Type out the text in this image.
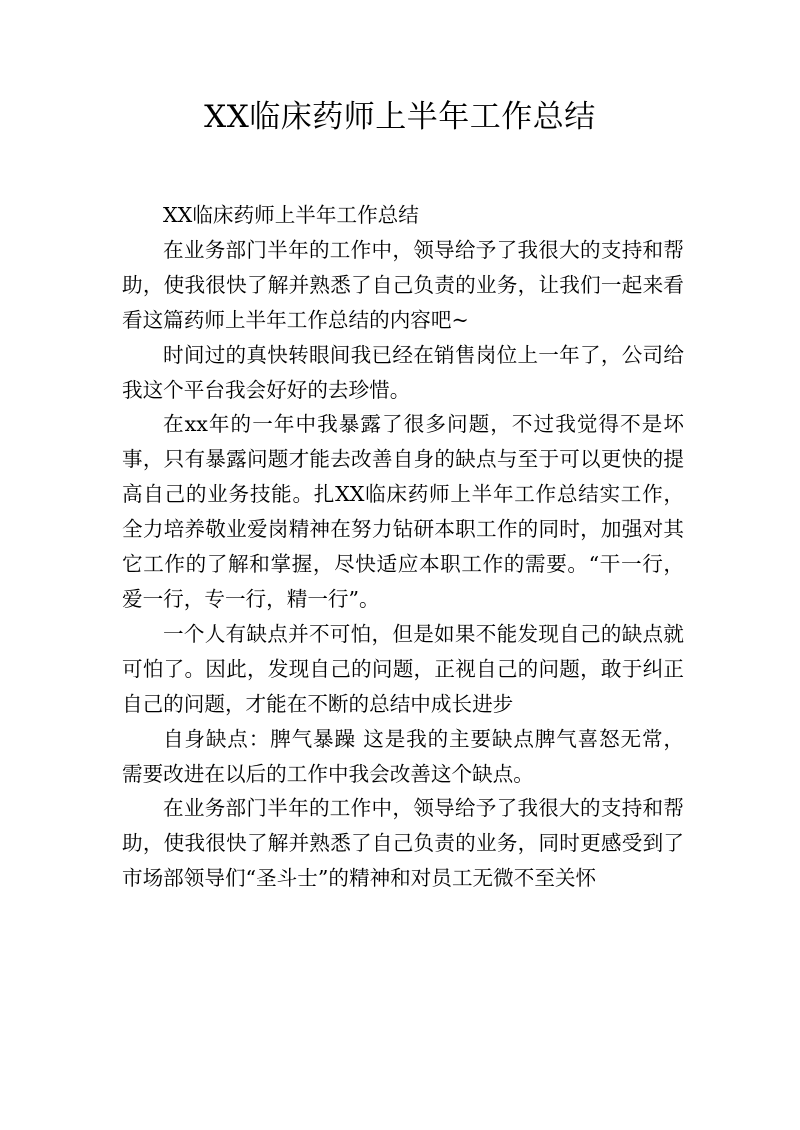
XX临床药师上半年工作总结

XX临床药师上半年工作总结

在业务部门半年的工作中，领导给予了我很大的支持和帮助，使我很快了解并熟悉了自己负责的业务，让我们一起来看看这篇药师上半年工作总结的内容吧~

时间过的真快转眼间我已经在销售岗位上一年了，公司给我这个平台我会好好的去珍惜。

在xx年的一年中我暴露了很多问题，不过我觉得不是坏事，只有暴露问题才能去改善自身的缺点与至于可以更快的提高自己的业务技能。扎XX临床药师上半年工作总结实工作，全力培养敬业爱岗精神在努力钻研本职工作的同时，加强对其它工作的了解和掌握，尽快适应本职工作的需要。“干一行，爱一行，专一行，精一行”。

一个人有缺点并不可怕，但是如果不能发现自己的缺点就可怕了。因此，发现自己的问题，正视自己的问题，敢于纠正自己的问题，才能在不断的总结中成长进步

自身缺点：脾气暴躁 这是我的主要缺点脾气喜怒无常，需要改进在以后的工作中我会改善这个缺点。

在业务部门半年的工作中，领导给予了我很大的支持和帮助，使我很快了解并熟悉了自己负责的业务，同时更感受到了市场部领导们“圣斗士”的精神和对员工无微不至关怀
